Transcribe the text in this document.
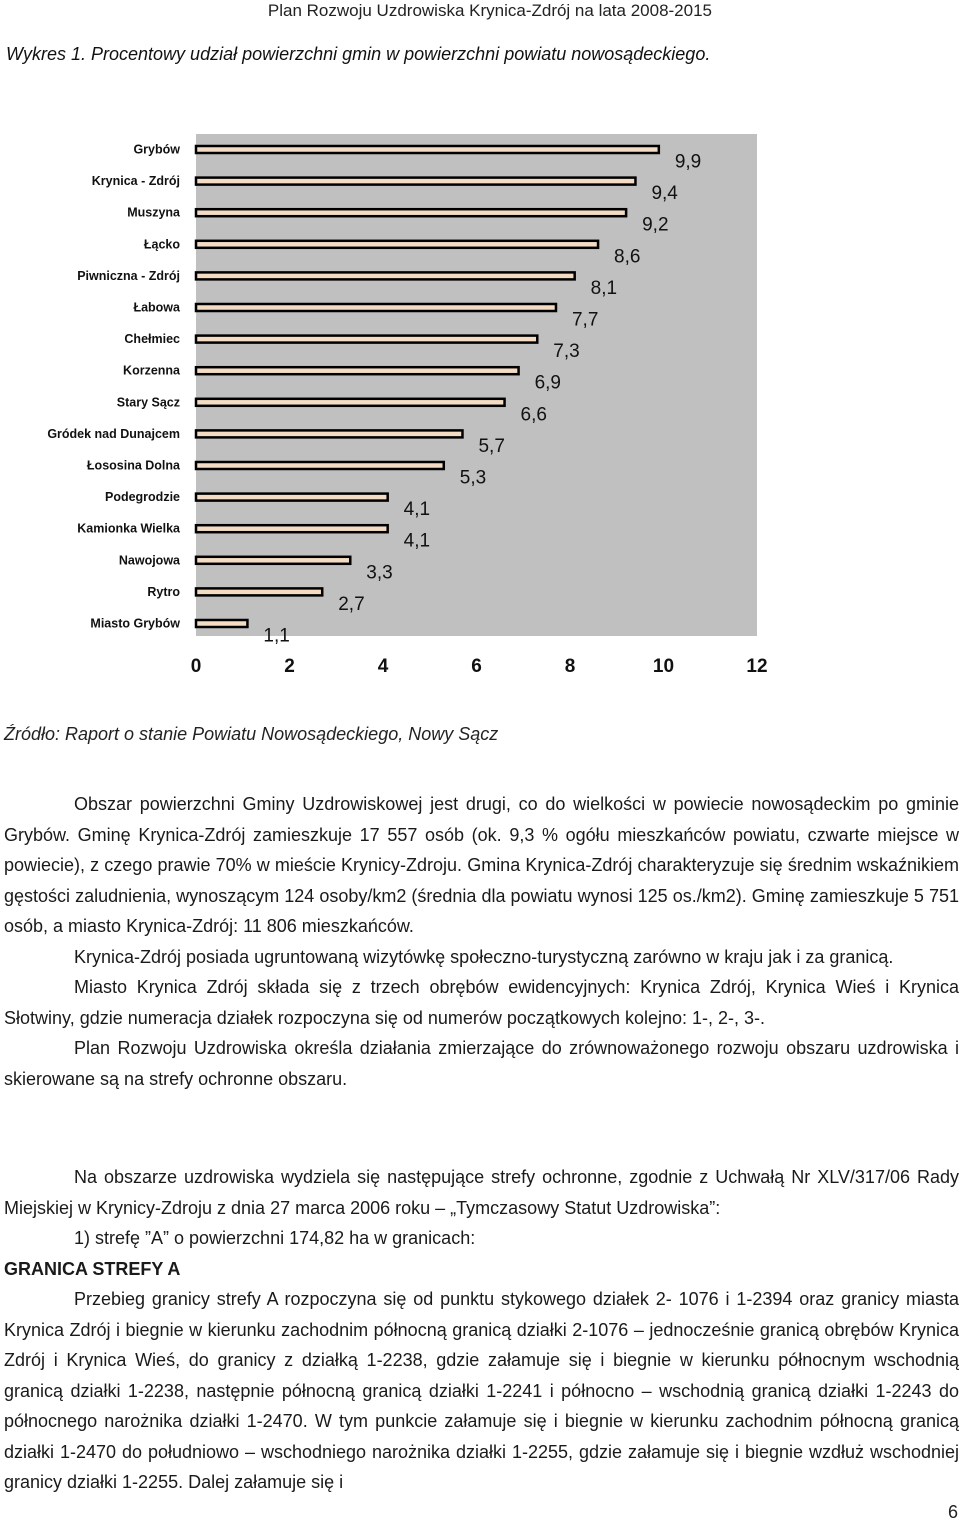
Plan Rozwoju Uzdrowiska Krynica-Zdrój na lata 2008-2015
Wykres 1. Procentowy udział powierzchni gmin w powierzchni powiatu nowosądeckiego.
Grybów
Krynica - Zdrój
Muszyna
Łącko
Piwniczna - Zdrój
Łabowa
Chełmiec
Korzenna
Stary Sącz
Gródek nad Dunajcem
Łososina Dolna
Podegrodzie
Kamionka Wielka
Nawojowa
Rytro
Miasto Grybów
9,9
9,4
9,2
8,6
8,1
7,7
7,3
6,9
6,6
5,7
5,3
4,1
4,1
3,3
2,7
1,1
0	2	4	6	8	10	12
Źródło: Raport o stanie Powiatu Nowosądeckiego, Nowy Sącz

Obszar powierzchni Gminy Uzdrowiskowej jest drugi, co do wielkości w powiecie nowosądeckim po gminie Grybów. Gminę Krynica-Zdrój zamieszkuje 17 557 osób (ok. 9,3 % ogółu mieszkańców powiatu, czwarte miejsce w powiecie), z czego prawie 70% w mieście Krynicy-Zdroju. Gmina Krynica-Zdrój charakteryzuje się średnim wskaźnikiem gęstości zaludnienia, wynoszącym 124 osoby/km2 (średnia dla powiatu wynosi 125 os./km2). Gminę zamieszkuje 5 751 osób, a miasto Krynica-Zdrój: 11 806 mieszkańców.

Krynica-Zdrój posiada ugruntowaną wizytówkę społeczno-turystyczną zarówno w kraju jak i za granicą.

Miasto Krynica Zdrój składa się z trzech obrębów ewidencyjnych: Krynica Zdrój, Krynica Wieś i Krynica Słotwiny, gdzie numeracja działek rozpoczyna się od numerów początkowych kolejno: 1-, 2-, 3-.

Plan Rozwoju Uzdrowiska określa działania zmierzające do zrównoważonego rozwoju obszaru uzdrowiska i skierowane są na strefy ochronne obszaru.

Na obszarze uzdrowiska wydziela się następujące strefy ochronne, zgodnie z Uchwałą Nr XLV/317/06 Rady Miejskiej w Krynicy-Zdroju z dnia 27 marca 2006 roku – „Tymczasowy Statut Uzdrowiska”:

1) strefę ”A” o powierzchni 174,82 ha w granicach:

GRANICA STREFY A

Przebieg granicy strefy A rozpoczyna się od punktu stykowego działek 2- 1076 i 1-2394 oraz granicy miasta Krynica Zdrój i biegnie w kierunku zachodnim północną granicą działki 2-1076 – jednocześnie granicą obrębów Krynica Zdrój i Krynica Wieś, do granicy z działką 1-2238, gdzie załamuje się i biegnie w kierunku północnym wschodnią granicą działki 1-2238, następnie północną granicą działki 1-2241 i północno – wschodnią granicą działki 1-2243 do północnego narożnika działki 1-2470. W tym punkcie załamuje się i biegnie w kierunku zachodnim północną granicą działki 1-2470 do południowo – wschodniego narożnika działki 1-2255, gdzie załamuje się i biegnie wzdłuż wschodniej granicy działki 1-2255. Dalej załamuje się i

6
